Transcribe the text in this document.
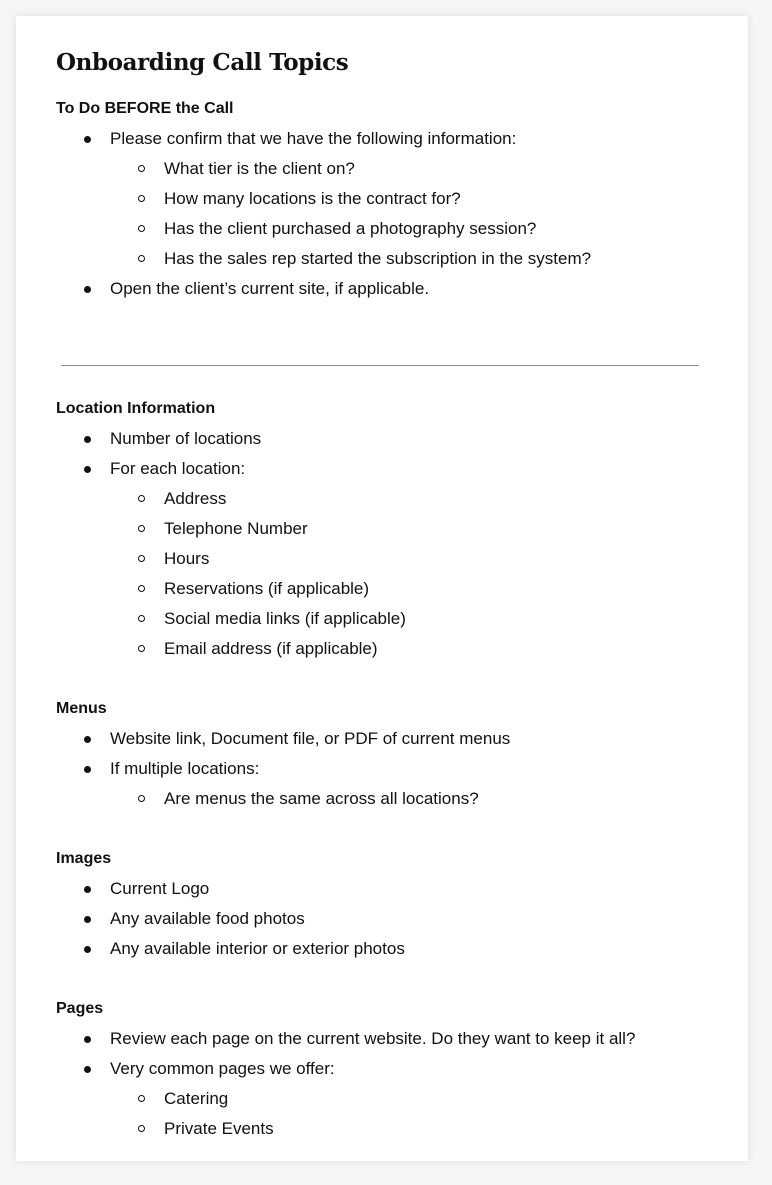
Onboarding Call Topics
To Do BEFORE the Call
Please confirm that we have the following information:
What tier is the client on?
How many locations is the contract for?
Has the client purchased a photography session?
Has the sales rep started the subscription in the system?
Open the client’s current site, if applicable.
Location Information
Number of locations
For each location:
Address
Telephone Number
Hours
Reservations (if applicable)
Social media links (if applicable)
Email address (if applicable)
Menus
Website link, Document file, or PDF of current menus
If multiple locations:
Are menus the same across all locations?
Images
Current Logo
Any available food photos
Any available interior or exterior photos
Pages
Review each page on the current website. Do they want to keep it all?
Very common pages we offer:
Catering
Private Events
